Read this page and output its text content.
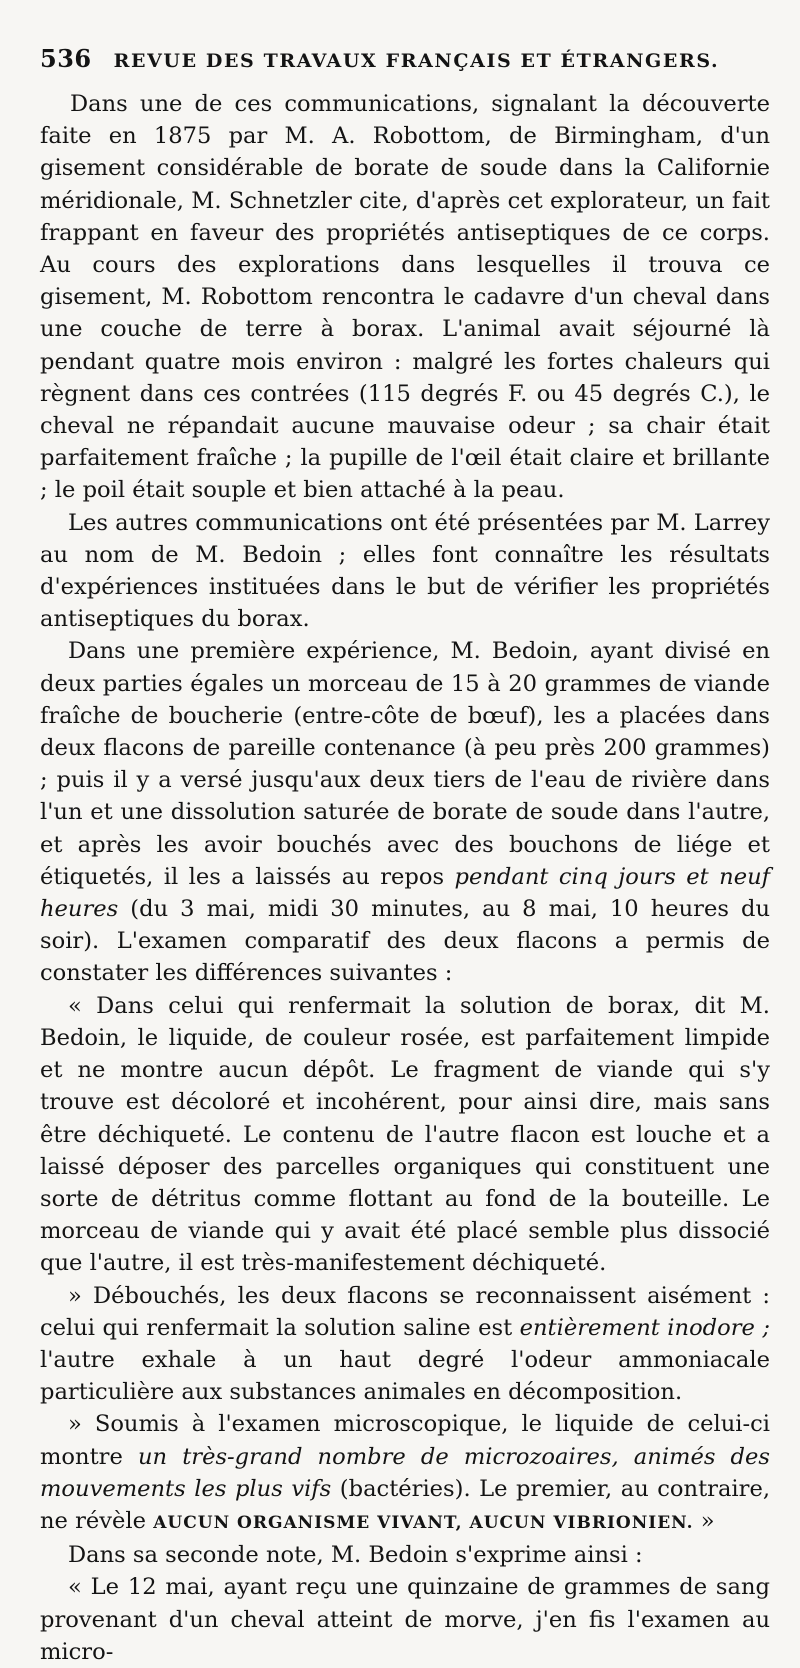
536 REVUE DES TRAVAUX FRANÇAIS ET ÉTRANGERS.

Dans une de ces communications, signalant la découverte faite en 1875 par M. A. Robottom, de Birmingham, d'un gisement considérable de borate de soude dans la Californie méridionale, M. Schnetzler cite, d'après cet explorateur, un fait frappant en faveur des propriétés antiseptiques de ce corps. Au cours des explorations dans lesquelles il trouva ce gisement, M. Robottom rencontra le cadavre d'un cheval dans une couche de terre à borax. L'animal avait séjourné là pendant quatre mois environ : malgré les fortes chaleurs qui règnent dans ces contrées (115 degrés F. ou 45 degrés C.), le cheval ne répandait aucune mauvaise odeur ; sa chair était parfaitement fraîche ; la pupille de l'œil était claire et brillante ; le poil était souple et bien attaché à la peau.

Les autres communications ont été présentées par M. Larrey au nom de M. Bedoin ; elles font connaître les résultats d'expériences instituées dans le but de vérifier les propriétés antiseptiques du borax.

Dans une première expérience, M. Bedoin, ayant divisé en deux parties égales un morceau de 15 à 20 grammes de viande fraîche de boucherie (entre-côte de bœuf), les a placées dans deux flacons de pareille contenance (à peu près 200 grammes) ; puis il y a versé jusqu'aux deux tiers de l'eau de rivière dans l'un et une dissolution saturée de borate de soude dans l'autre, et après les avoir bouchés avec des bouchons de liége et étiquetés, il les a laissés au repos pendant cinq jours et neuf heures (du 3 mai, midi 30 minutes, au 8 mai, 10 heures du soir). L'examen comparatif des deux flacons a permis de constater les différences suivantes :

« Dans celui qui renfermait la solution de borax, dit M. Bedoin, le liquide, de couleur rosée, est parfaitement limpide et ne montre aucun dépôt. Le fragment de viande qui s'y trouve est décoloré et incohérent, pour ainsi dire, mais sans être déchiqueté. Le contenu de l'autre flacon est louche et a laissé déposer des parcelles organiques qui constituent une sorte de détritus comme flottant au fond de la bouteille. Le morceau de viande qui y avait été placé semble plus dissocié que l'autre, il est très-manifestement déchiqueté.

» Débouchés, les deux flacons se reconnaissent aisément : celui qui renfermait la solution saline est entièrement inodore ; l'autre exhale à un haut degré l'odeur ammoniacale particulière aux substances animales en décomposition.

» Soumis à l'examen microscopique, le liquide de celui-ci montre un très-grand nombre de microzoaires, animés des mouvements les plus vifs (bactéries). Le premier, au contraire, ne révèle AUCUN ORGANISME VIVANT, AUCUN VIBRIONIEN. »

Dans sa seconde note, M. Bedoin s'exprime ainsi :

« Le 12 mai, ayant reçu une quinzaine de grammes de sang provenant d'un cheval atteint de morve, j'en fis l'examen au micro-
